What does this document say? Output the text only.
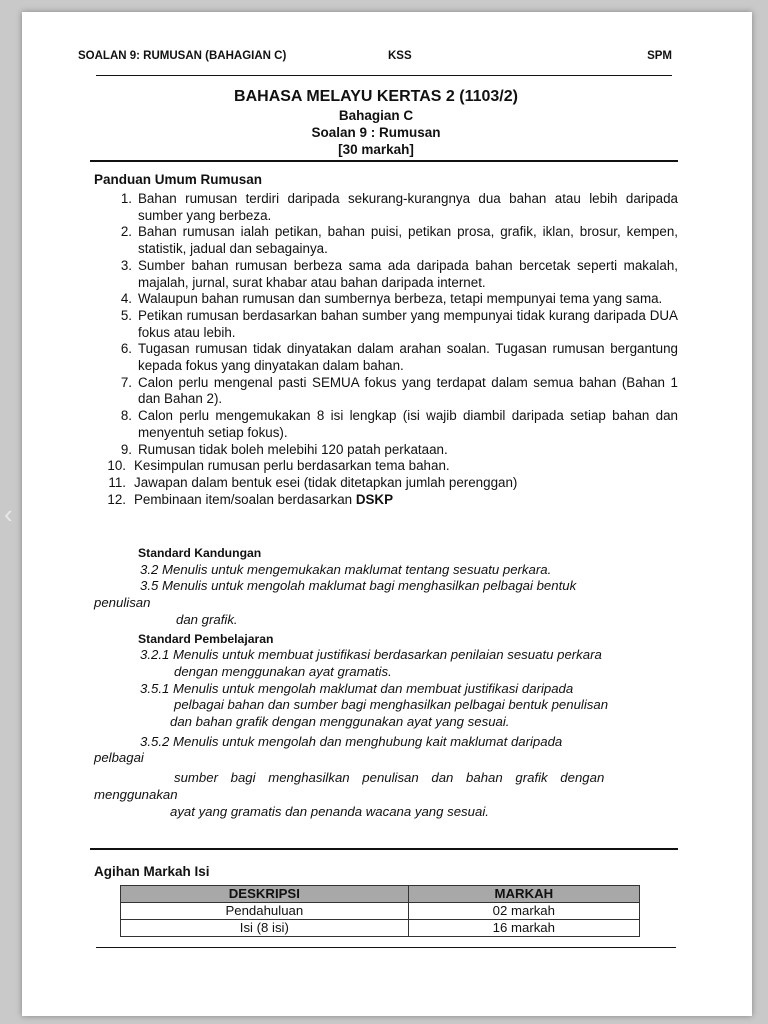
‹
SOALAN 9: RUMUSAN (BAHAGIAN C)	KSS	SPM
BAHASA MELAYU KERTAS 2 (1103/2)
Bahagian C
Soalan 9 : Rumusan
[30 markah]
Panduan Umum Rumusan
1. Bahan rumusan terdiri daripada sekurang-kurangnya dua bahan atau lebih daripada sumber yang berbeza.
2. Bahan rumusan ialah petikan, bahan puisi, petikan prosa, grafik, iklan, brosur, kempen, statistik, jadual dan sebagainya.
3. Sumber bahan rumusan berbeza sama ada daripada bahan bercetak seperti makalah, majalah, jurnal, surat khabar atau bahan daripada internet.
4. Walaupun bahan rumusan dan sumbernya berbeza, tetapi mempunyai tema yang sama.
5. Petikan rumusan berdasarkan bahan sumber yang mempunyai tidak kurang daripada DUA fokus atau lebih.
6. Tugasan rumusan tidak dinyatakan dalam arahan soalan. Tugasan rumusan bergantung kepada fokus yang dinyatakan dalam bahan.
7. Calon perlu mengenal pasti SEMUA fokus yang terdapat dalam semua bahan (Bahan 1 dan Bahan 2).
8. Calon perlu mengemukakan 8 isi lengkap (isi wajib diambil daripada setiap bahan dan menyentuh setiap fokus).
9. Rumusan tidak boleh melebihi 120 patah perkataan.
10. Kesimpulan rumusan perlu berdasarkan tema bahan.
11. Jawapan dalam bentuk esei (tidak ditetapkan jumlah perenggan)
12. Pembinaan item/soalan berdasarkan DSKP
Standard Kandungan
3.2 Menulis untuk mengemukakan maklumat tentang sesuatu perkara.
3.5 Menulis untuk mengolah maklumat bagi menghasilkan pelbagai bentuk
penulisan
dan grafik.
Standard Pembelajaran
3.2.1 Menulis untuk membuat justifikasi berdasarkan penilaian sesuatu perkara
dengan menggunakan ayat gramatis.
3.5.1 Menulis untuk mengolah maklumat dan membuat justifikasi daripada
pelbagai bahan dan sumber bagi menghasilkan pelbagai bentuk penulisan
dan bahan grafik dengan menggunakan ayat yang sesuai.
3.5.2 Menulis untuk mengolah dan menghubung kait maklumat daripada
pelbagai
sumber bagi menghasilkan penulisan dan bahan grafik dengan
menggunakan
ayat yang gramatis dan penanda wacana yang sesuai.
Agihan Markah Isi
DESKRIPSI	MARKAH
Pendahuluan	02 markah
Isi (8 isi)	16 markah
